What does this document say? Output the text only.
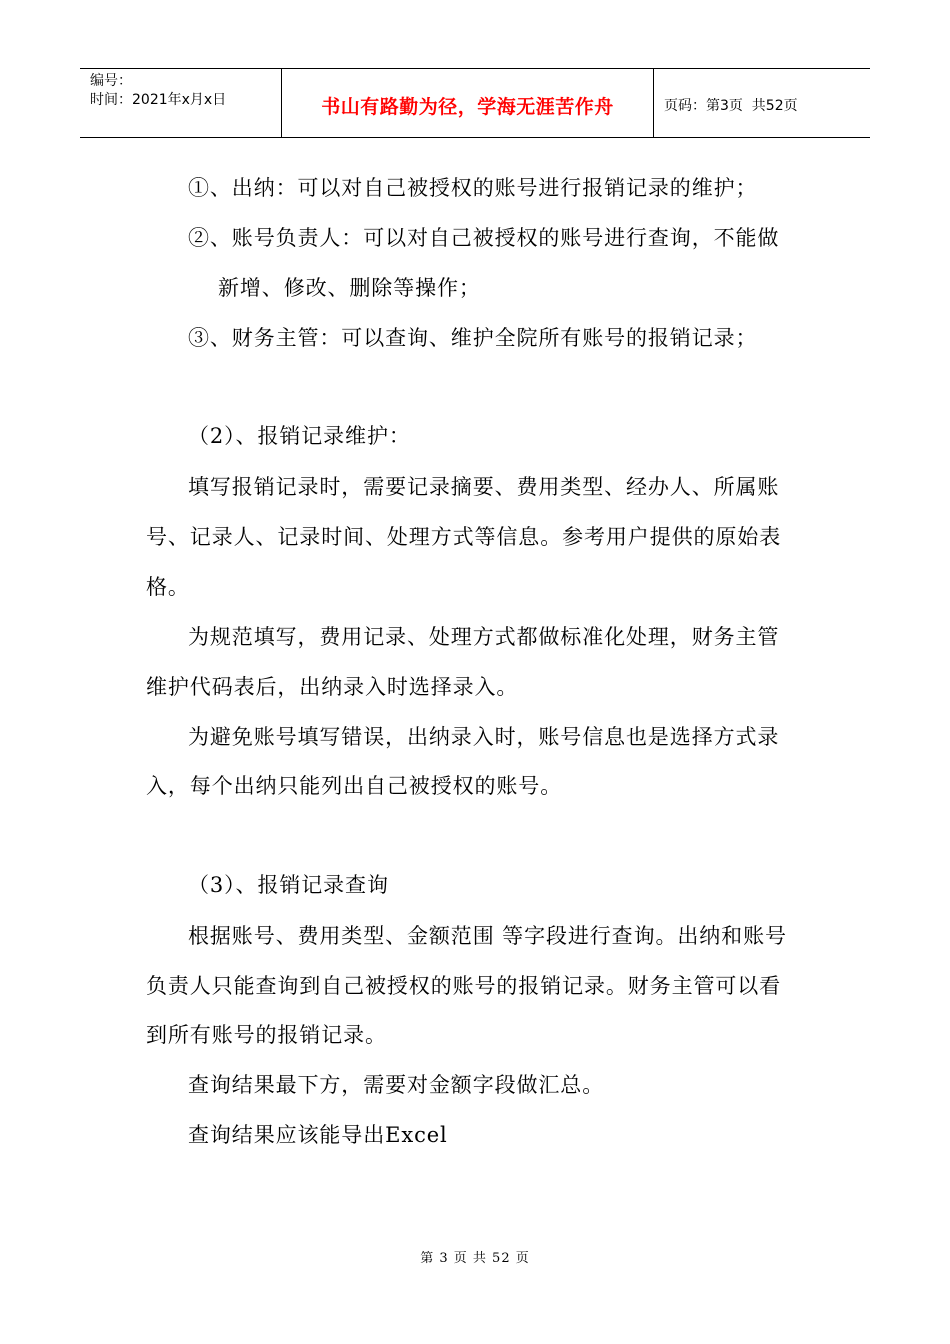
编号：
时间：2021年x月x日	书山有路勤为径，学海无涯苦作舟	页码：第3页  共52页
①、出纳：可以对自己被授权的账号进行报销记录的维护；
②、账号负责人：可以对自己被授权的账号进行查询，不能做
新增、修改、删除等操作；
③、财务主管：可以查询、维护全院所有账号的报销记录；
（2）、报销记录维护：
填写报销记录时，需要记录摘要、费用类型、经办人、所属账
号、记录人、记录时间、处理方式等信息。参考用户提供的原始表
格。
为规范填写，费用记录、处理方式都做标准化处理，财务主管
维护代码表后，出纳录入时选择录入。
为避免账号填写错误，出纳录入时，账号信息也是选择方式录
入，每个出纳只能列出自己被授权的账号。
（3）、报销记录查询
根据账号、费用类型、金额范围 等字段进行查询。出纳和账号
负责人只能查询到自己被授权的账号的报销记录。财务主管可以看
到所有账号的报销记录。
查询结果最下方，需要对金额字段做汇总。
查询结果应该能导出Excel
第 3 页 共 52 页
